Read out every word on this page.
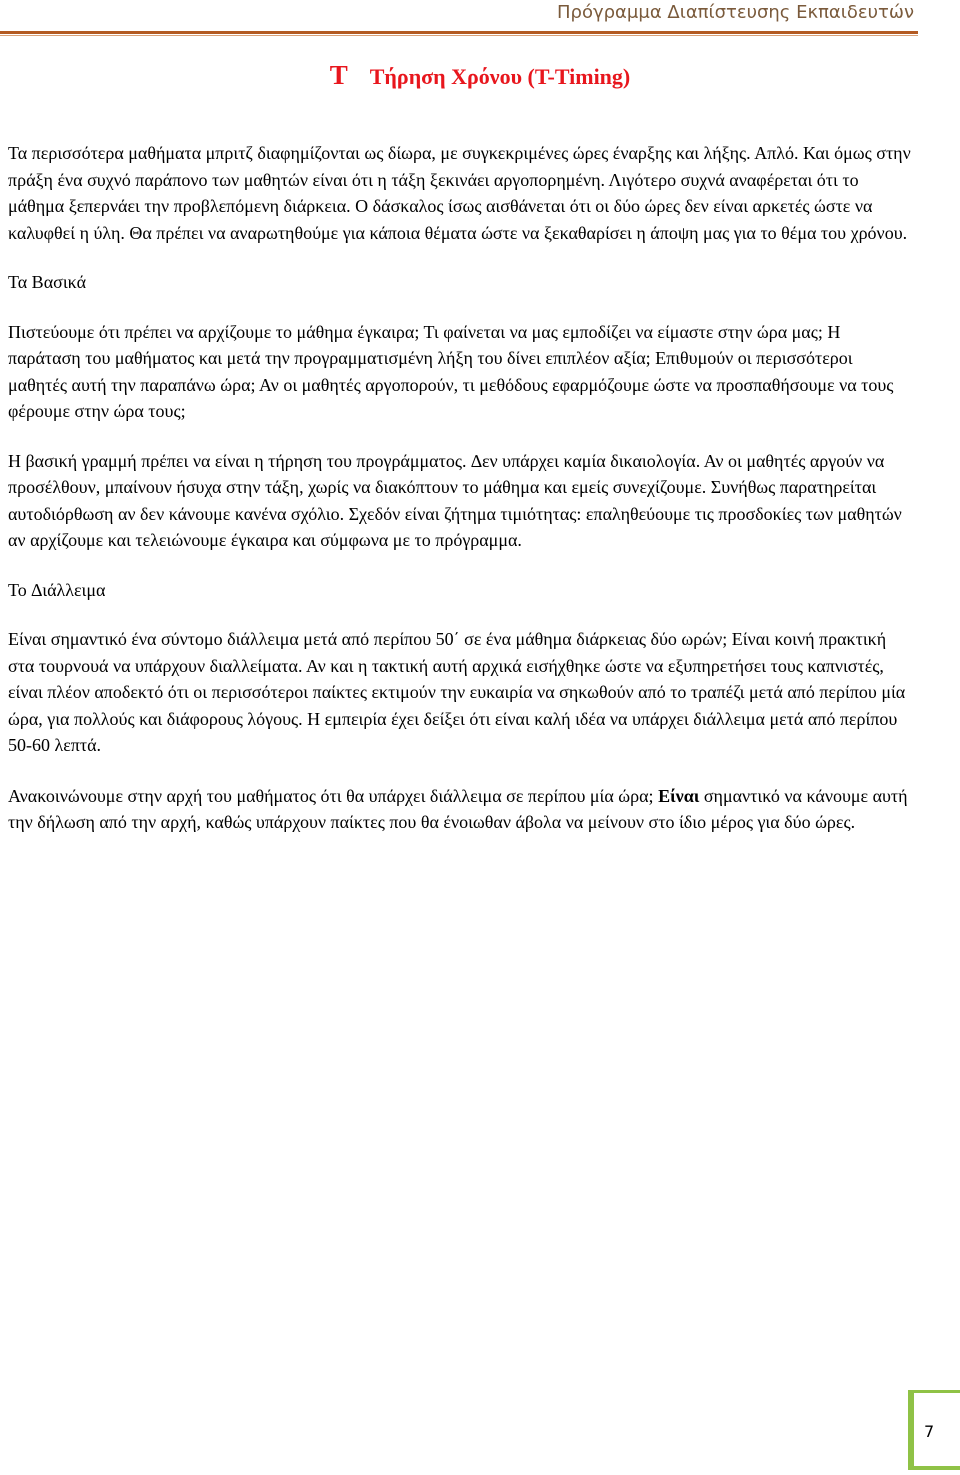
Πρόγραμμα Διαπίστευσης Εκπαιδευτών
T Τήρηση Χρόνου (T-Timing)

Τα περισσότερα μαθήματα μπριτζ διαφημίζονται ως δίωρα, με συγκεκριμένες ώρες έναρξης και λήξης. Απλό. Και όμως στην πράξη ένα συχνό παράπονο των μαθητών είναι ότι η τάξη ξεκινάει αργοπορημένη. Λιγότερο συχνά αναφέρεται ότι το μάθημα ξεπερνάει την προβλεπόμενη διάρκεια. Ο δάσκαλος ίσως αισθάνεται ότι οι δύο ώρες δεν είναι αρκετές ώστε να καλυφθεί η ύλη. Θα πρέπει να αναρωτηθούμε για κάποια θέματα ώστε να ξεκαθαρίσει η άποψη μας για το θέμα του χρόνου.

Τα Βασικά

Πιστεύουμε ότι πρέπει να αρχίζουμε το μάθημα έγκαιρα; Τι φαίνεται να μας εμποδίζει να είμαστε στην ώρα μας; Η παράταση του μαθήματος και μετά την προγραμματισμένη λήξη του δίνει επιπλέον αξία; Επιθυμούν οι περισσότεροι μαθητές αυτή την παραπάνω ώρα; Αν οι μαθητές αργοπορούν, τι μεθόδους εφαρμόζουμε ώστε να προσπαθήσουμε να τους φέρουμε στην ώρα τους;

Η βασική γραμμή πρέπει να είναι η τήρηση του προγράμματος. ∆εν υπάρχει καμία δικαιολογία. Αν οι μαθητές αργούν να προσέλθουν, μπαίνουν ήσυχα στην τάξη, χωρίς να διακόπτουν το μάθημα και εμείς συνεχίζουμε. Συνήθως παρατηρείται αυτοδιόρθωση αν δεν κάνουμε κανένα σχόλιο. Σχεδόν είναι ζήτημα τιμιότητας: επαληθεύουμε τις προσδοκίες των μαθητών αν αρχίζουμε και τελειώνουμε έγκαιρα και σύμφωνα με το πρόγραμμα.

Το ∆ιάλλειμα

Είναι σημαντικό ένα σύντομο διάλλειμα μετά από περίπου 50΄ σε ένα μάθημα διάρκειας δύο ωρών; Είναι κοινή πρακτική στα τουρνουά να υπάρχουν διαλλείματα. Αν και η τακτική αυτή αρχικά εισήχθηκε ώστε να εξυπηρετήσει τους καπνιστές, είναι πλέον αποδεκτό ότι οι περισσότεροι παίκτες εκτιμούν την ευκαιρία να σηκωθούν από το τραπέζι μετά από περίπου μία ώρα, για πολλούς και διάφορους λόγους. Η εμπειρία έχει δείξει ότι είναι καλή ιδέα να υπάρχει διάλλειμα μετά από περίπου 50-60 λεπτά.

Ανακοινώνουμε στην αρχή του μαθήματος ότι θα υπάρχει διάλλειμα σε περίπου μία ώρα; Είναι σημαντικό να κάνουμε αυτή την δήλωση από την αρχή, καθώς υπάρχουν παίκτες που θα ένοιωθαν άβολα να μείνουν στο ίδιο μέρος για δύο ώρες.

7
